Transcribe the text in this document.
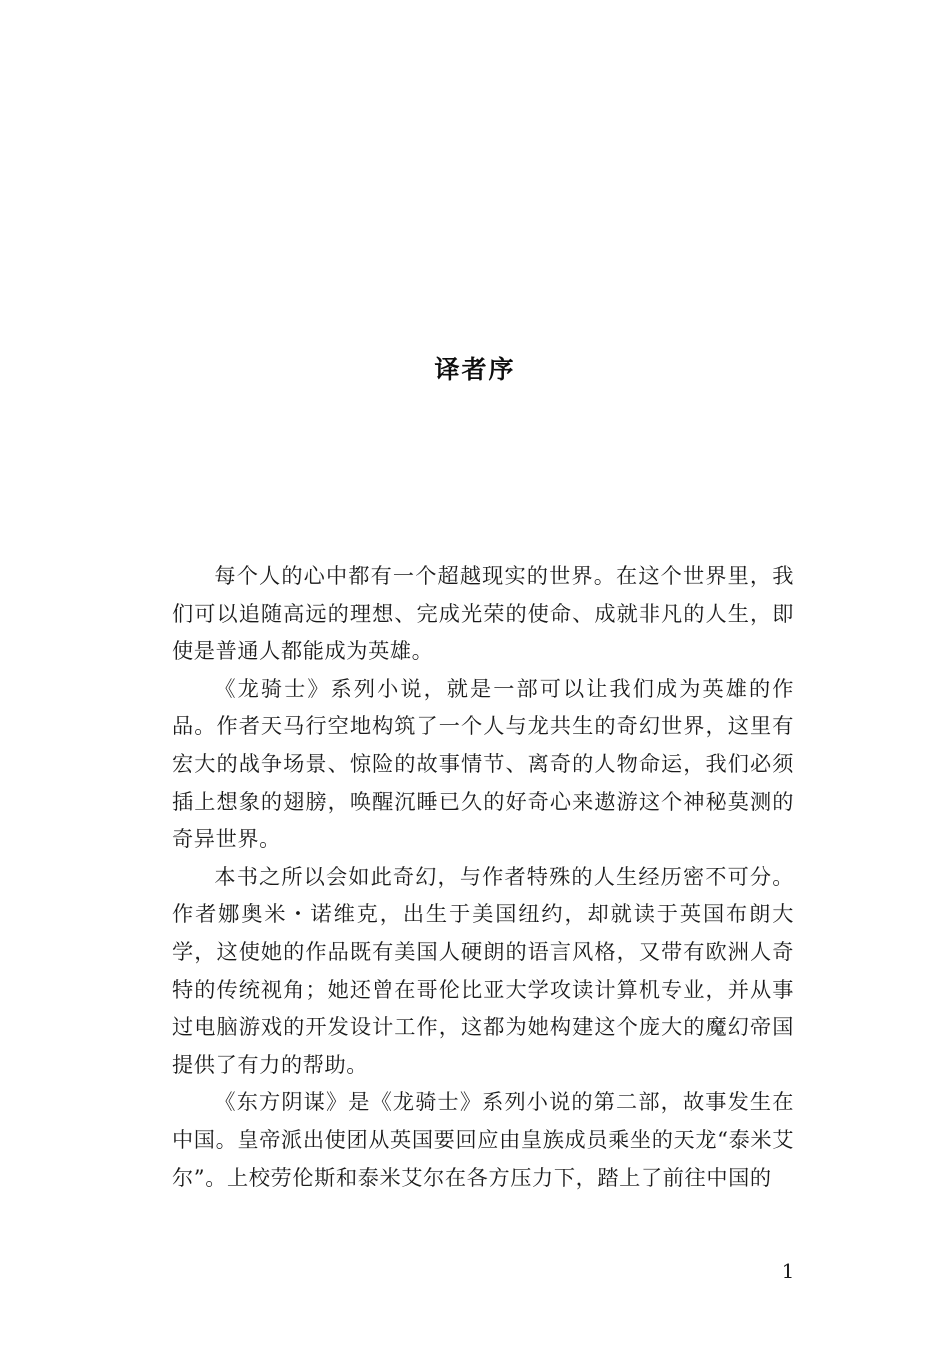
译者序

每个人的心中都有一个超越现实的世界。在这个世界里，我们可以追随高远的理想、完成光荣的使命、成就非凡的人生，即使是普通人都能成为英雄。

《龙骑士》系列小说，就是一部可以让我们成为英雄的作品。作者天马行空地构筑了一个人与龙共生的奇幻世界，这里有宏大的战争场景、惊险的故事情节、离奇的人物命运，我们必须插上想象的翅膀，唤醒沉睡已久的好奇心来遨游这个神秘莫测的奇异世界。

本书之所以会如此奇幻，与作者特殊的人生经历密不可分。作者娜奥米・诺维克，出生于美国纽约，却就读于英国布朗大学，这使她的作品既有美国人硬朗的语言风格，又带有欧洲人奇特的传统视角；她还曾在哥伦比亚大学攻读计算机专业，并从事过电脑游戏的开发设计工作，这都为她构建这个庞大的魔幻帝国提供了有力的帮助。

《东方阴谋》是《龙骑士》系列小说的第二部，故事发生在中国。皇帝派出使团从英国要回应由皇族成员乘坐的天龙“泰米艾尔”。上校劳伦斯和泰米艾尔在各方压力下，踏上了前往中国的

1
